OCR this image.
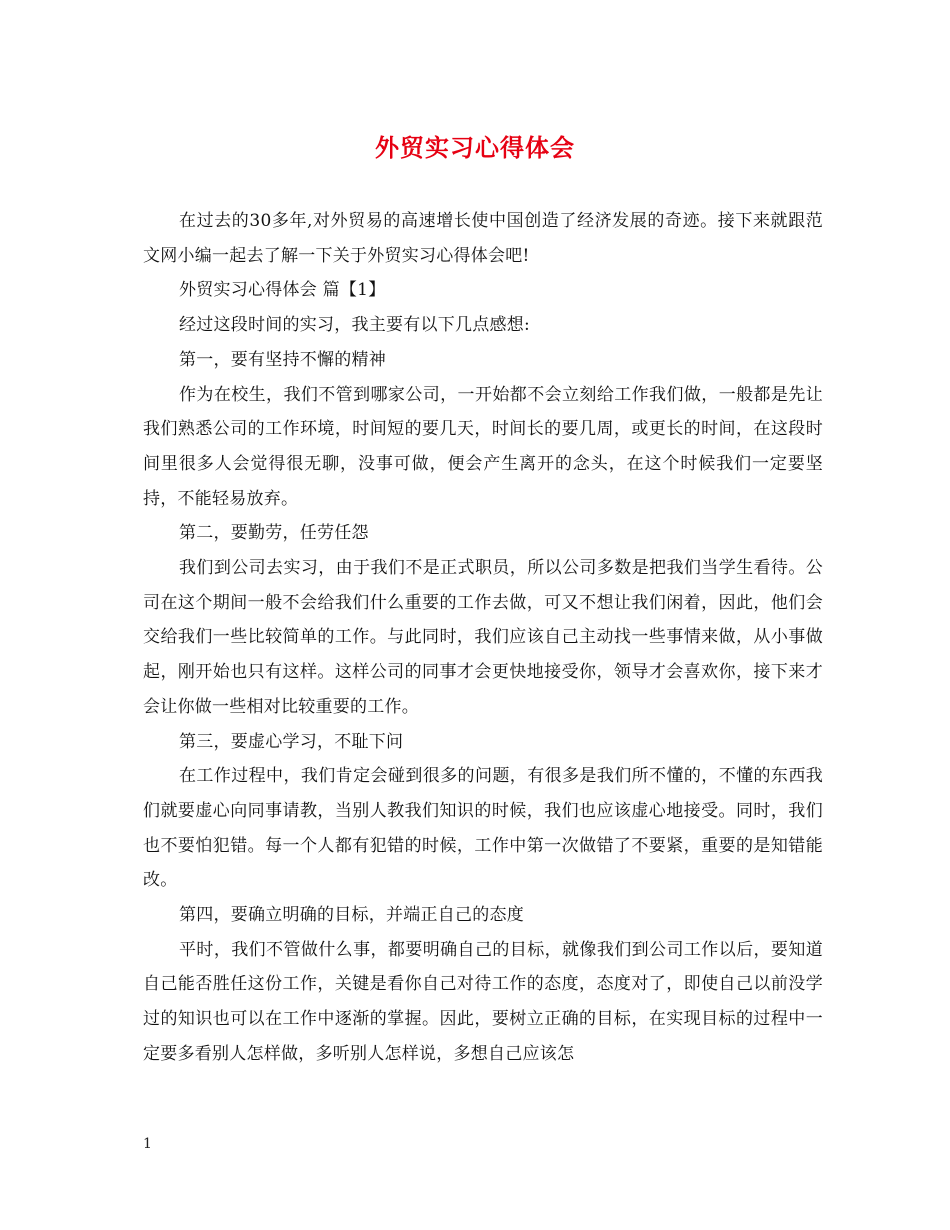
外贸实习心得体会

在过去的30多年,对外贸易的高速增长使中国创造了经济发展的奇迹。接下来就跟范文网小编一起去了解一下关于外贸实习心得体会吧!

外贸实习心得体会 篇【1】

经过这段时间的实习，我主要有以下几点感想:

第一，要有坚持不懈的精神

作为在校生，我们不管到哪家公司，一开始都不会立刻给工作我们做，一般都是先让我们熟悉公司的工作环境，时间短的要几天，时间长的要几周，或更长的时间，在这段时间里很多人会觉得很无聊，没事可做，便会产生离开的念头，在这个时候我们一定要坚持，不能轻易放弃。

第二，要勤劳，任劳任怨

我们到公司去实习，由于我们不是正式职员，所以公司多数是把我们当学生看待。公司在这个期间一般不会给我们什么重要的工作去做，可又不想让我们闲着，因此，他们会交给我们一些比较简单的工作。与此同时，我们应该自己主动找一些事情来做，从小事做起，刚开始也只有这样。这样公司的同事才会更快地接受你，领导才会喜欢你，接下来才会让你做一些相对比较重要的工作。

第三，要虚心学习，不耻下问

在工作过程中，我们肯定会碰到很多的问题，有很多是我们所不懂的，不懂的东西我们就要虚心向同事请教，当别人教我们知识的时候，我们也应该虚心地接受。同时，我们也不要怕犯错。每一个人都有犯错的时候，工作中第一次做错了不要紧，重要的是知错能改。

第四，要确立明确的目标，并端正自己的态度

平时，我们不管做什么事，都要明确自己的目标，就像我们到公司工作以后，要知道自己能否胜任这份工作，关键是看你自己对待工作的态度，态度对了，即使自己以前没学过的知识也可以在工作中逐渐的掌握。因此，要树立正确的目标，在实现目标的过程中一定要多看别人怎样做，多听别人怎样说，多想自己应该怎

1
